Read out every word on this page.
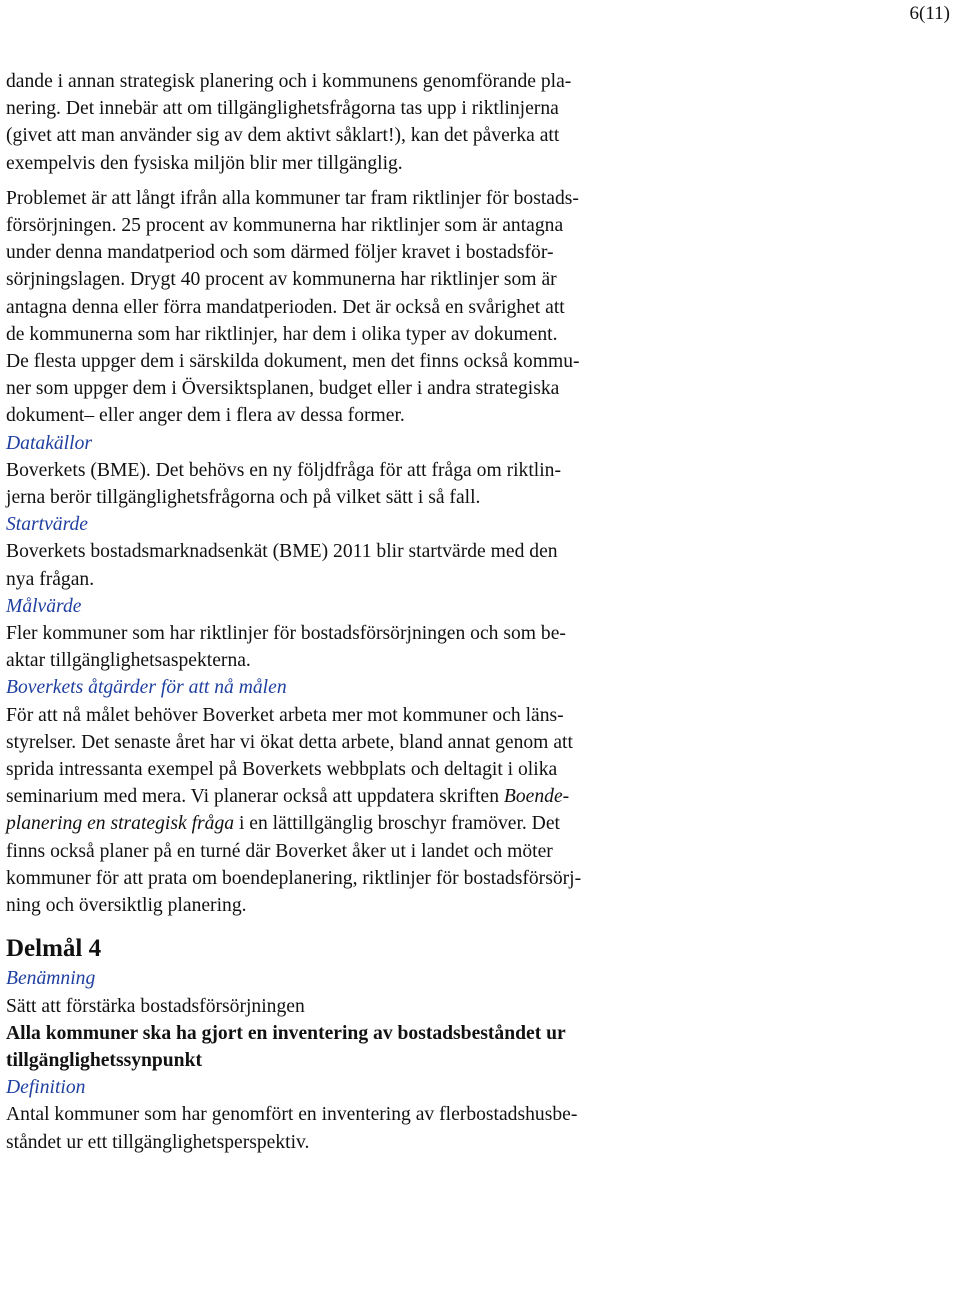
6(11)

dande i annan strategisk planering och i kommunens genomförande pla-
nering. Det innebär att om tillgänglighetsfrågorna tas upp i riktlinjerna
(givet att man använder sig av dem aktivt såklart!), kan det påverka att
exempelvis den fysiska miljön blir mer tillgänglig.

Problemet är att långt ifrån alla kommuner tar fram riktlinjer för bostads-
försörjningen. 25 procent av kommunerna har riktlinjer som är antagna
under denna mandatperiod och som därmed följer kravet i bostadsför-
sörjningslagen. Drygt 40 procent av kommunerna har riktlinjer som är
antagna denna eller förra mandatperioden. Det är också en svårighet att
de kommunerna som har riktlinjer, har dem i olika typer av dokument.
De flesta uppger dem i särskilda dokument, men det finns också kommu-
ner som uppger dem i Översiktsplanen, budget eller i andra strategiska
dokument– eller anger dem i flera av dessa former.

Datakällor

Boverkets (BME). Det behövs en ny följdfråga för att fråga om riktlin-
jerna berör tillgänglighetsfrågorna och på vilket sätt i så fall.

Startvärde

Boverkets bostadsmarknadsenkät (BME) 2011 blir startvärde med den
nya frågan.

Målvärde

Fler kommuner som har riktlinjer för bostadsförsörjningen och som be-
aktar tillgänglighetsaspekterna.

Boverkets åtgärder för att nå målen

För att nå målet behöver Boverket arbeta mer mot kommuner och läns-
styrelser. Det senaste året har vi ökat detta arbete, bland annat genom att
sprida intressanta exempel på Boverkets webbplats och deltagit i olika
seminarium med mera. Vi planerar också att uppdatera skriften Boende-
planering en strategisk fråga i en lättillgänglig broschyr framöver. Det
finns också planer på en turné där Boverket åker ut i landet och möter
kommuner för att prata om boendeplanering, riktlinjer för bostadsförsörj-
ning och översiktlig planering.

Delmål 4
Benämning

Sätt att förstärka bostadsförsörjningen

Alla kommuner ska ha gjort en inventering av bostadsbeståndet ur
tillgänglighetssynpunkt
Definition

Antal kommuner som har genomfört en inventering av flerbostadshusbe-
ståndet ur ett tillgänglighetsperspektiv.
